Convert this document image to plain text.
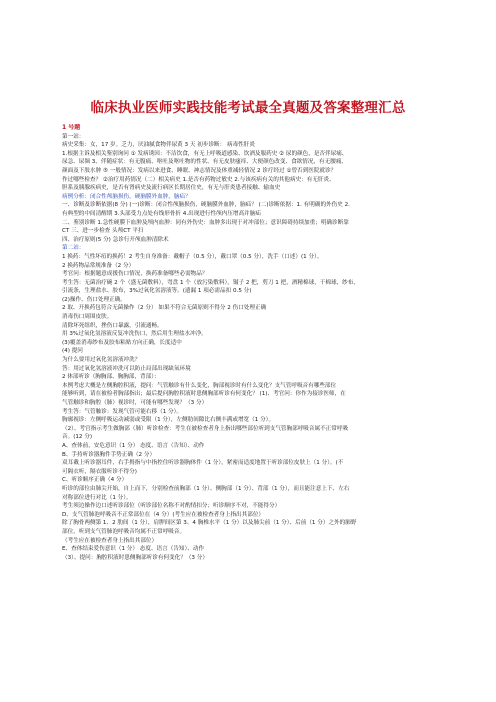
临床执业医师实践技能考试最全真题及答案整理汇总
1 号题
第一站：
病史采集：女，17 岁。乏力，厌油腻食物伴尿黄 3 天 初步诊断： 病毒性肝炎
1.根据主诉及相关鉴别询问 ① 发病诱因：不洁饮食，有无上呼吸道感染、饮酒及服药史 ② 尿的颜色，是否伴尿痛、
尿急、尿频 3、伴随症状：有无腹痛、呕吐及呕吐物的性状、有无皮肤瘙痒、大便颜色改变、食欲情况，有无腰痛、
颜面及下肢水肿 ⑤ 一般情况：发病以来进食、睡眠、神志情况及体重减轻情况 2 诊疗经过 ①曾否到医院就诊？
作过哪些检查？ ②治疗用药情况（二）相关病史 1.是否有药物过敏史 2.与该疾病有关的其他病史：有无肝炎、
胆系及胰腺疾病史，是否有肾病史及流行病区长期居住史，有无与肝炎患者接触、输血史
病例分析：闭合性颅脑损伤，硬脑膜外血肿，脑疝？
一、诊断及诊断依据(8 分) (一)诊断：闭合性颅脑损伤，硬脑膜外血肿，脑疝？ (二)诊断依据：1. 有明确的外伤史 2.
有典型的中间清醒期 3.头部受力点处有线形骨折 4.出现进行性颅内压增高并脑疝
二、鉴别诊断 1.急性硬膜下血肿及颅内血肿：同有外伤史：血肿多出现于对冲部位；意识障碍持续加重；明确诊断靠
CT 三、进一步检查 头颅CT 平扫
四、治疗原则(5 分) 急诊行开颅血肿清除术
第二站：
1 换药：气性坏疽的换药！2 考生自身准备：戴帽子（0.5 分），戴口罩（0.5 分），洗手（口述）(1 分）。
2 换药物品常规准备（2 分）
考官问：根据题意成援伤口情况，换药准备哪些必需物品？
考生答：无菌治疗碗 2 个（盛无菌敷料），弯盘 1 个（放污染敷料），镊子 2 把，剪刀 1 把，酒精棉球，干棉球，纱布，
引流条，生理盐水、胶布，3%过氧化氢溶液等。(遗漏 1 项必需品扣 0.5 分)
(2)操作、伤口处理正确。
2 取、开换药包符合无菌操作（2 分） 如果不符合无菌原则不得分 2 伤口处理正确
消毒伤口周围皮肤。
清除坏死组织，挫伤口暴露，引流通畅。
用 3%过氧化氢溶液反复冲洗伤口，然后用生理盐水冲净。
(3)覆盖消毒纱布及胶布粘贴方向正确，长度适中
(4) 提问
为什么要用过氧化氢溶液冲洗？
答：用过氧化氢溶液冲洗可以防止局部出现缺氧环境
2 体部听诊（胸胸部、胸胸部，背部）：
本例考虑大概是左侧胸腔积液，提问：气管触诊有什么变化，胸部视诊时有什么变化？支气管呼吸音有哪些部位
能够听到，请在被检者胸部指出；最后提问胸腔积液时患侧胸部听诊有何变化？ (1)、考官问：你作为接诊医师，在
气管触诊和胸腔（肺）视诊时，可能有哪些发现？（3 分）
考生答：气管触诊：发现气管可能右移（1 分）。
胸廓视诊：左侧呼吸运动减弱或受限（1 分），左侧肋间隙比右侧丰满或增宽（1 分）。
（2）、考官指示考生做胸部（肺）听诊检查：考生在被检查者身上指出哪些部位听到支气管胸部呼吸音属不正常呼吸
音。(12 分)
A、查体前，安危意识（1 分） 态度、语言（告知）、动作
B、手持听诊器胸件手势正确（2 分）
双耳戴上听诊器耳件，右手拇指与中指控住听诊器胸体件（1 分），紧密而适度地置于听诊部位皮肤上（1 分）。(不
可隔衣听，隔衣服听诊不得分)
C、听诊顺序正确（4 分）
听诊的部位由肺尖开始，自上而下，分别检查前胸部（1 分）、侧胸部（1 分）、背部（1 分），而且能注意上下、左右
对称部位进行对比（1 分）。
考生须边操作边口述听诊部位（听诊部位名称不对酌情扣分；听诊顺序不对，不能得分）
D、支气管肺泡呼吸音不正常部位在（4 分）(考生应在被检查者身上指出其部位）
除了胸骨两侧第 1、2 肋间（1 分），肩胛间区第 3、4 胸椎水平（1 分）以及肺尖前（1 分）、后前（1 分）之外的肺野
部位，听到支气管肺泡呼吸音均属不正常呼吸音。
（考生应在被检查者身上指出其部位）
E、查体结束爱伤意识（1 分） 态度、语言（告知）、动作
（3）、提问：胸腔积液时患侧胸部听诊有何变化？（3 分）
